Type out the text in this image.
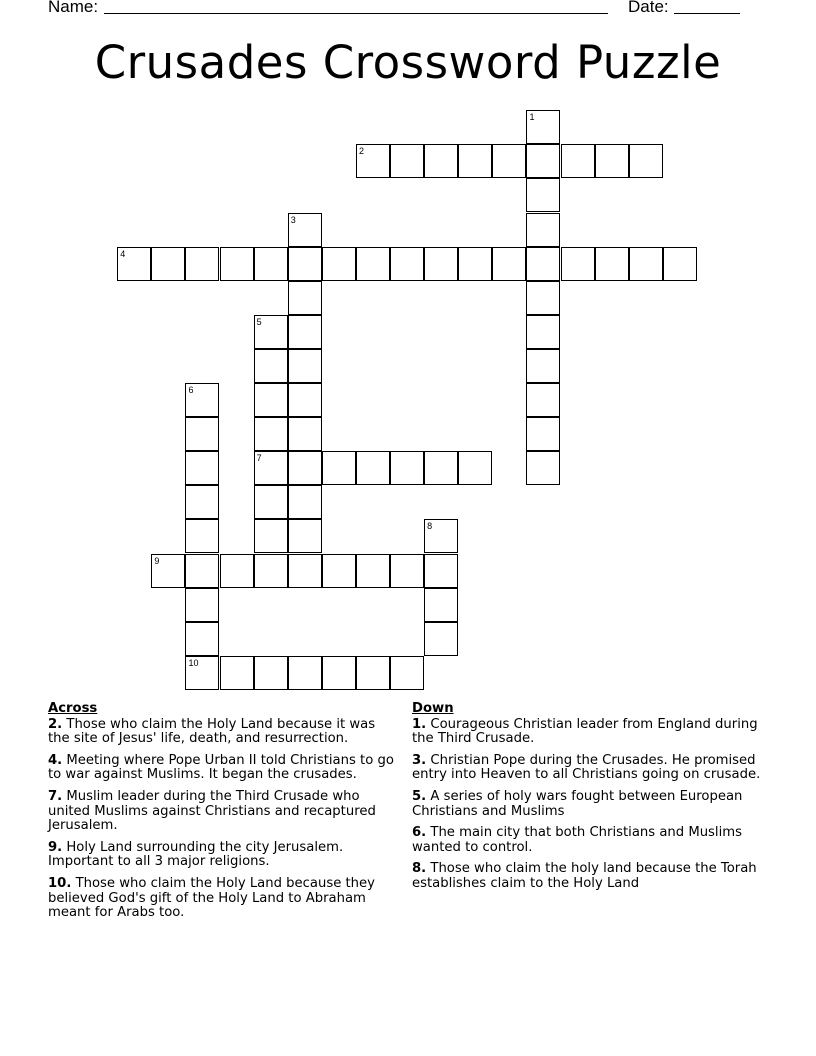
Name:	Date:
Crusades Crossword Puzzle
1
2
3
4
5
6
7
8
9
10
Across
2. Those who claim the Holy Land because it was the site of Jesus' life, death, and resurrection.
4. Meeting where Pope Urban II told Christians to go to war against Muslims. It began the crusades.
7. Muslim leader during the Third Crusade who united Muslims against Christians and recaptured Jerusalem.
9. Holy Land surrounding the city Jerusalem. Important to all 3 major religions.
10. Those who claim the Holy Land because they believed God's gift of the Holy Land to Abraham meant for Arabs too.
Down
1. Courageous Christian leader from England during the Third Crusade.
3. Christian Pope during the Crusades. He promised entry into Heaven to all Christians going on crusade.
5. A series of holy wars fought between European Christians and Muslims
6. The main city that both Christians and Muslims wanted to control.
8. Those who claim the holy land because the Torah establishes claim to the Holy Land
